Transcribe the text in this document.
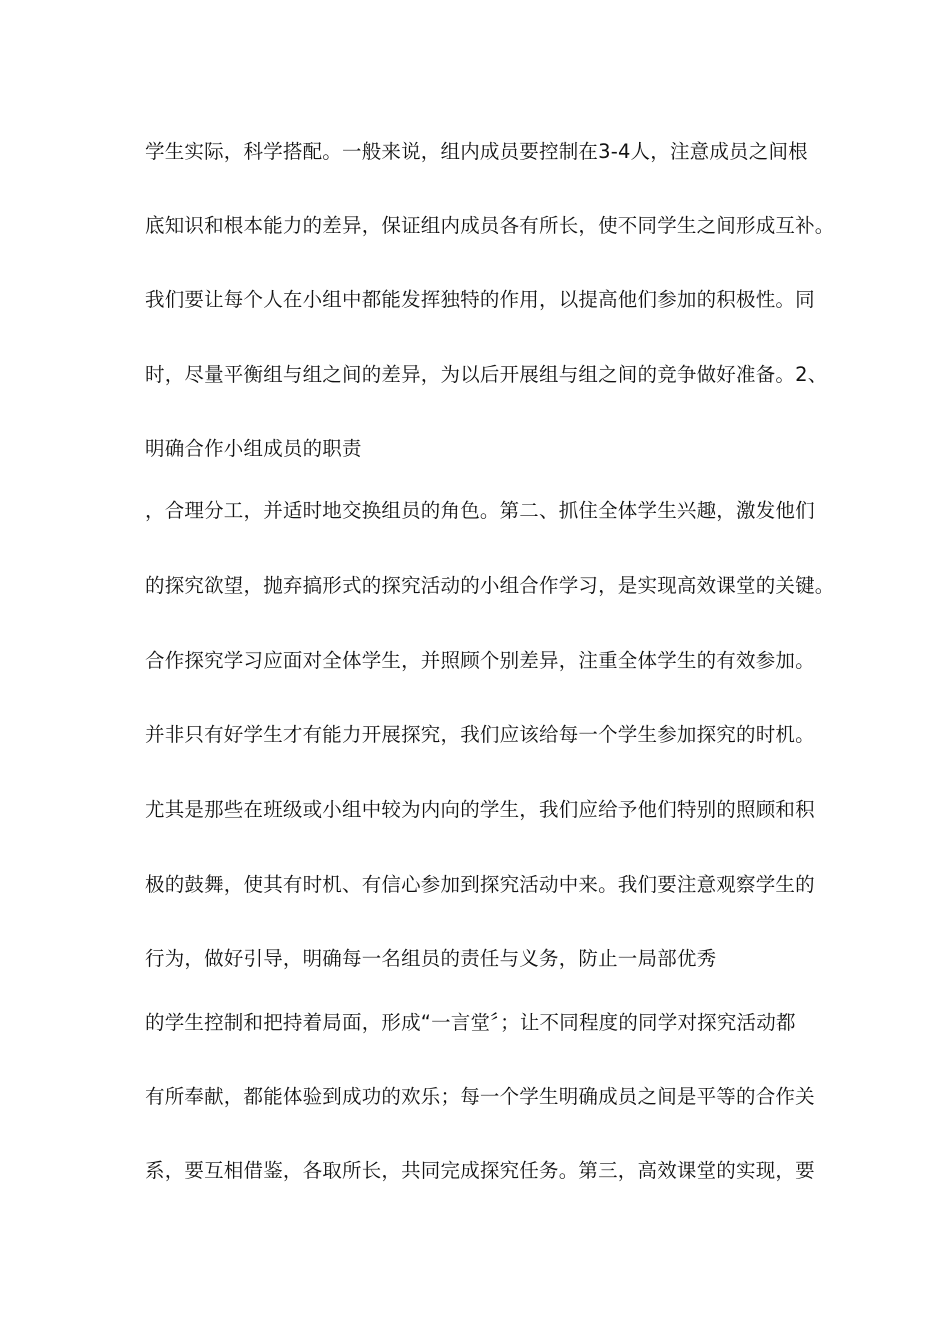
学生实际，科学搭配。一般来说，组内成员要控制在3-4人，注意成员之间根
底知识和根本能力的差异，保证组内成员各有所长，使不同学生之间形成互补。
我们要让每个人在小组中都能发挥独特的作用，以提高他们参加的积极性。同
时，尽量平衡组与组之间的差异，为以后开展组与组之间的竞争做好准备。2、
明确合作小组成员的职责
，合理分工，并适时地交换组员的角色。第二、抓住全体学生兴趣，激发他们
的探究欲望，抛弃搞形式的探究活动的小组合作学习，是实现高效课堂的关键。
合作探究学习应面对全体学生，并照顾个别差异，注重全体学生的有效参加。
并非只有好学生才有能力开展探究，我们应该给每一个学生参加探究的时机。
尤其是那些在班级或小组中较为内向的学生，我们应给予他们特别的照顾和积
极的鼓舞，使其有时机、有信心参加到探究活动中来。我们要注意观察学生的
行为，做好引导，明确每一名组员的责任与义务，防止一局部优秀
的学生控制和把持着局面，形成“一言堂〞；让不同程度的同学对探究活动都
有所奉献，都能体验到成功的欢乐；每一个学生明确成员之间是平等的合作关
系，要互相借鉴，各取所长，共同完成探究任务。第三，高效课堂的实现，要
